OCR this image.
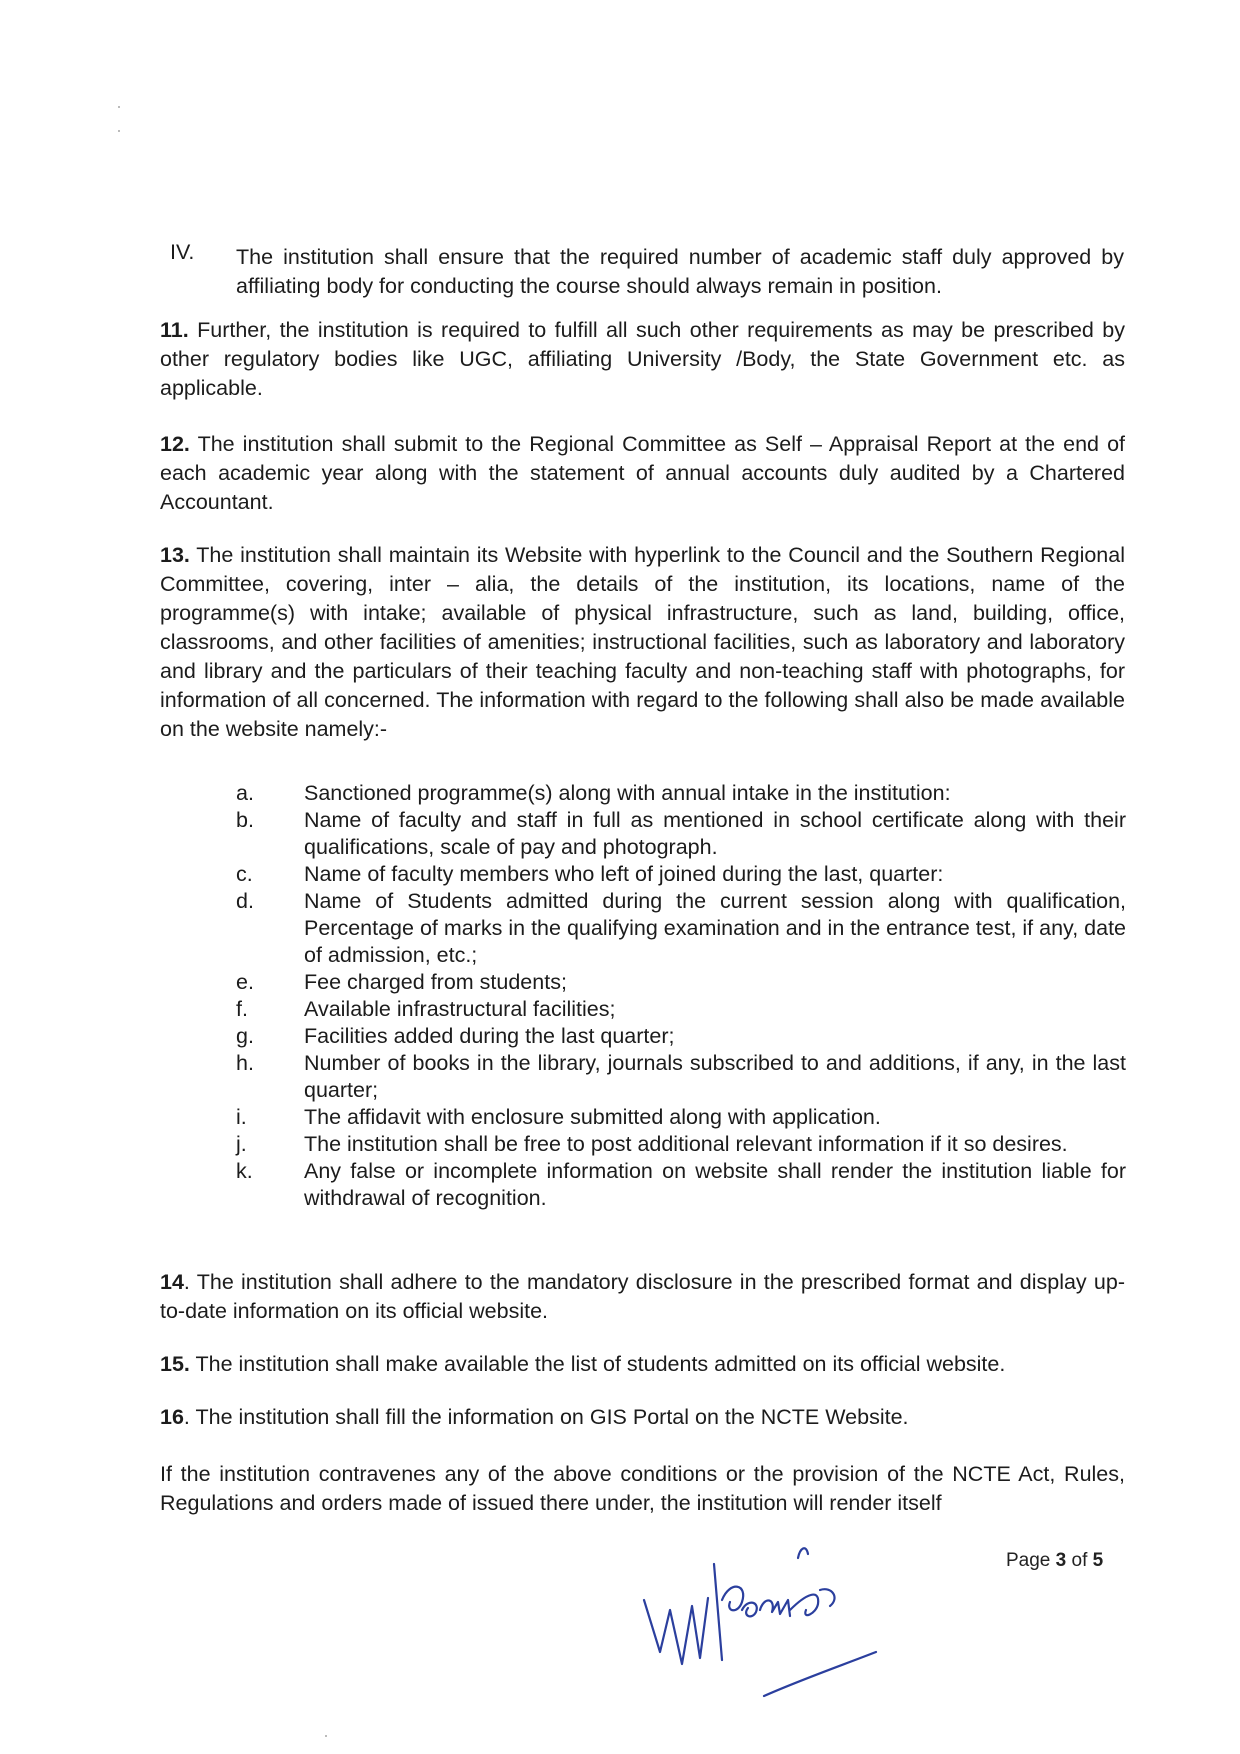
IV. The institution shall ensure that the required number of academic staff duly approved by affiliating body for conducting the course should always remain in position.

11. Further, the institution is required to fulfill all such other requirements as may be prescribed by other regulatory bodies like UGC, affiliating University /Body, the State Government etc. as applicable.

12. The institution shall submit to the Regional Committee as Self – Appraisal Report at the end of each academic year along with the statement of annual accounts duly audited by a Chartered Accountant.

13. The institution shall maintain its Website with hyperlink to the Council and the Southern Regional Committee, covering, inter – alia, the details of the institution, its locations, name of the programme(s) with intake; available of physical infrastructure, such as land, building, office, classrooms, and other facilities of amenities; instructional facilities, such as laboratory and laboratory and library and the particulars of their teaching faculty and non-teaching staff with photographs, for information of all concerned. The information with regard to the following shall also be made available on the website namely:-

a.	Sanctioned programme(s) along with annual intake in the institution:
b.	Name of faculty and staff in full as mentioned in school certificate along with their qualifications, scale of pay and photograph.
c.	Name of faculty members who left of joined during the last, quarter:
d.	Name of Students admitted during the current session along with qualification, Percentage of marks in the qualifying examination and in the entrance test, if any, date of admission, etc.;
e.	Fee charged from students;
f.	Available infrastructural facilities;
g.	Facilities added during the last quarter;
h.	Number of books in the library, journals subscribed to and additions, if any, in the last quarter;
i.	The affidavit with enclosure submitted along with application.
j.	The institution shall be free to post additional relevant information if it so desires.
k.	Any false or incomplete information on website shall render the institution liable for withdrawal of recognition.

14. The institution shall adhere to the mandatory disclosure in the prescribed format and display up-to-date information on its official website.

15. The institution shall make available the list of students admitted on its official website.

16. The institution shall fill the information on GIS Portal on the NCTE Website.

If the institution contravenes any of the above conditions or the provision of the NCTE Act, Rules, Regulations and orders made of issued there under, the institution will render itself

Page 3 of 5
